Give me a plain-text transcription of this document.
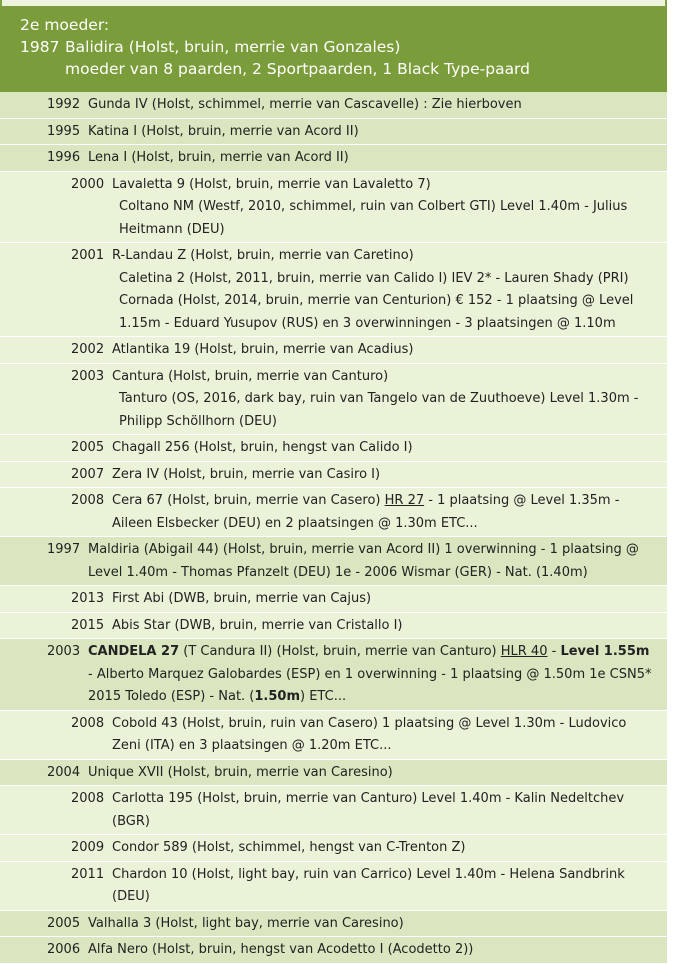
2e moeder:
1987 Balidira (Holst, bruin, merrie van Gonzales)
moeder van 8 paarden, 2 Sportpaarden, 1 Black Type-paard
1992 Gunda IV (Holst, schimmel, merrie van Cascavelle) : Zie hierboven
1995 Katina I (Holst, bruin, merrie van Acord II)
1996 Lena I (Holst, bruin, merrie van Acord II)
2000 Lavaletta 9 (Holst, bruin, merrie van Lavaletto 7)
Coltano NM (Westf, 2010, schimmel, ruin van Colbert GTI) Level 1.40m - Julius Heitmann (DEU)
2001 R-Landau Z (Holst, bruin, merrie van Caretino)
Caletina 2 (Holst, 2011, bruin, merrie van Calido I) IEV 2* - Lauren Shady (PRI)
Cornada (Holst, 2014, bruin, merrie van Centurion) € 152 - 1 plaatsing @ Level 1.15m - Eduard Yusupov (RUS) en 3 overwinningen - 3 plaatsingen @ 1.10m
2002 Atlantika 19 (Holst, bruin, merrie van Acadius)
2003 Cantura (Holst, bruin, merrie van Canturo)
Tanturo (OS, 2016, dark bay, ruin van Tangelo van de Zuuthoeve) Level 1.30m - Philipp Schöllhorn (DEU)
2005 Chagall 256 (Holst, bruin, hengst van Calido I)
2007 Zera IV (Holst, bruin, merrie van Casiro I)
2008 Cera 67 (Holst, bruin, merrie van Casero) HR 27 - 1 plaatsing @ Level 1.35m - Aileen Elsbecker (DEU) en 2 plaatsingen @ 1.30m ETC...
1997 Maldiria (Abigail 44) (Holst, bruin, merrie van Acord II) 1 overwinning - 1 plaatsing @ Level 1.40m - Thomas Pfanzelt (DEU) 1e - 2006 Wismar (GER) - Nat. (1.40m)
2013 First Abi (DWB, bruin, merrie van Cajus)
2015 Abis Star (DWB, bruin, merrie van Cristallo I)
2003 CANDELA 27 (T Candura II) (Holst, bruin, merrie van Canturo) HLR 40 - Level 1.55m - Alberto Marquez Galobardes (ESP) en 1 overwinning - 1 plaatsing @ 1.50m 1e CSN5* 2015 Toledo (ESP) - Nat. (1.50m) ETC...
2008 Cobold 43 (Holst, bruin, ruin van Casero) 1 plaatsing @ Level 1.30m - Ludovico Zeni (ITA) en 3 plaatsingen @ 1.20m ETC...
2004 Unique XVII (Holst, bruin, merrie van Caresino)
2008 Carlotta 195 (Holst, bruin, merrie van Canturo) Level 1.40m - Kalin Nedeltchev (BGR)
2009 Condor 589 (Holst, schimmel, hengst van C-Trenton Z)
2011 Chardon 10 (Holst, light bay, ruin van Carrico) Level 1.40m - Helena Sandbrink (DEU)
2005 Valhalla 3 (Holst, light bay, merrie van Caresino)
2006 Alfa Nero (Holst, bruin, hengst van Acodetto I (Acodetto 2))
